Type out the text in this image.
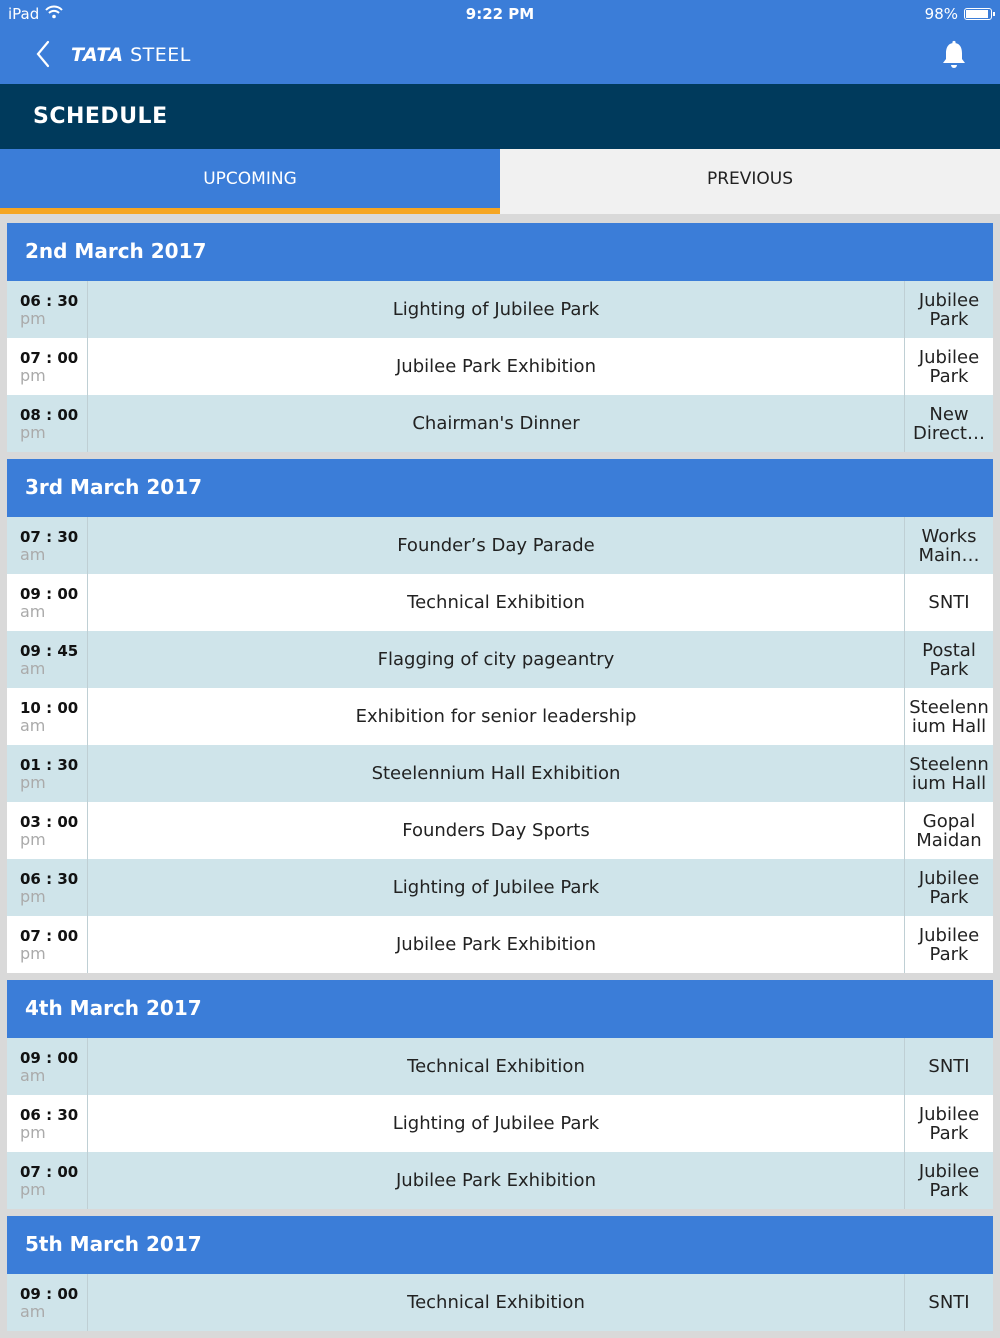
iPad	9:22 PM	98%
TATA STEEL
SCHEDULE
UPCOMING	PREVIOUS
2nd March 2017
06 : 30
pm	Lighting of Jubilee Park	Jubilee
Park
07 : 00
pm	Jubilee Park Exhibition	Jubilee
Park
08 : 00
pm	Chairman's Dinner	New
Direct…
3rd March 2017
07 : 30
am	Founder’s Day Parade	Works
Main…
09 : 00
am	Technical Exhibition	SNTI
09 : 45
am	Flagging of city pageantry	Postal
Park
10 : 00
am	Exhibition for senior leadership	Steelenn
ium Hall
01 : 30
pm	Steelennium Hall Exhibition	Steelenn
ium Hall
03 : 00
pm	Founders Day Sports	Gopal
Maidan
06 : 30
pm	Lighting of Jubilee Park	Jubilee
Park
07 : 00
pm	Jubilee Park Exhibition	Jubilee
Park
4th March 2017
09 : 00
am	Technical Exhibition	SNTI
06 : 30
pm	Lighting of Jubilee Park	Jubilee
Park
07 : 00
pm	Jubilee Park Exhibition	Jubilee
Park
5th March 2017
09 : 00
am	Technical Exhibition	SNTI
